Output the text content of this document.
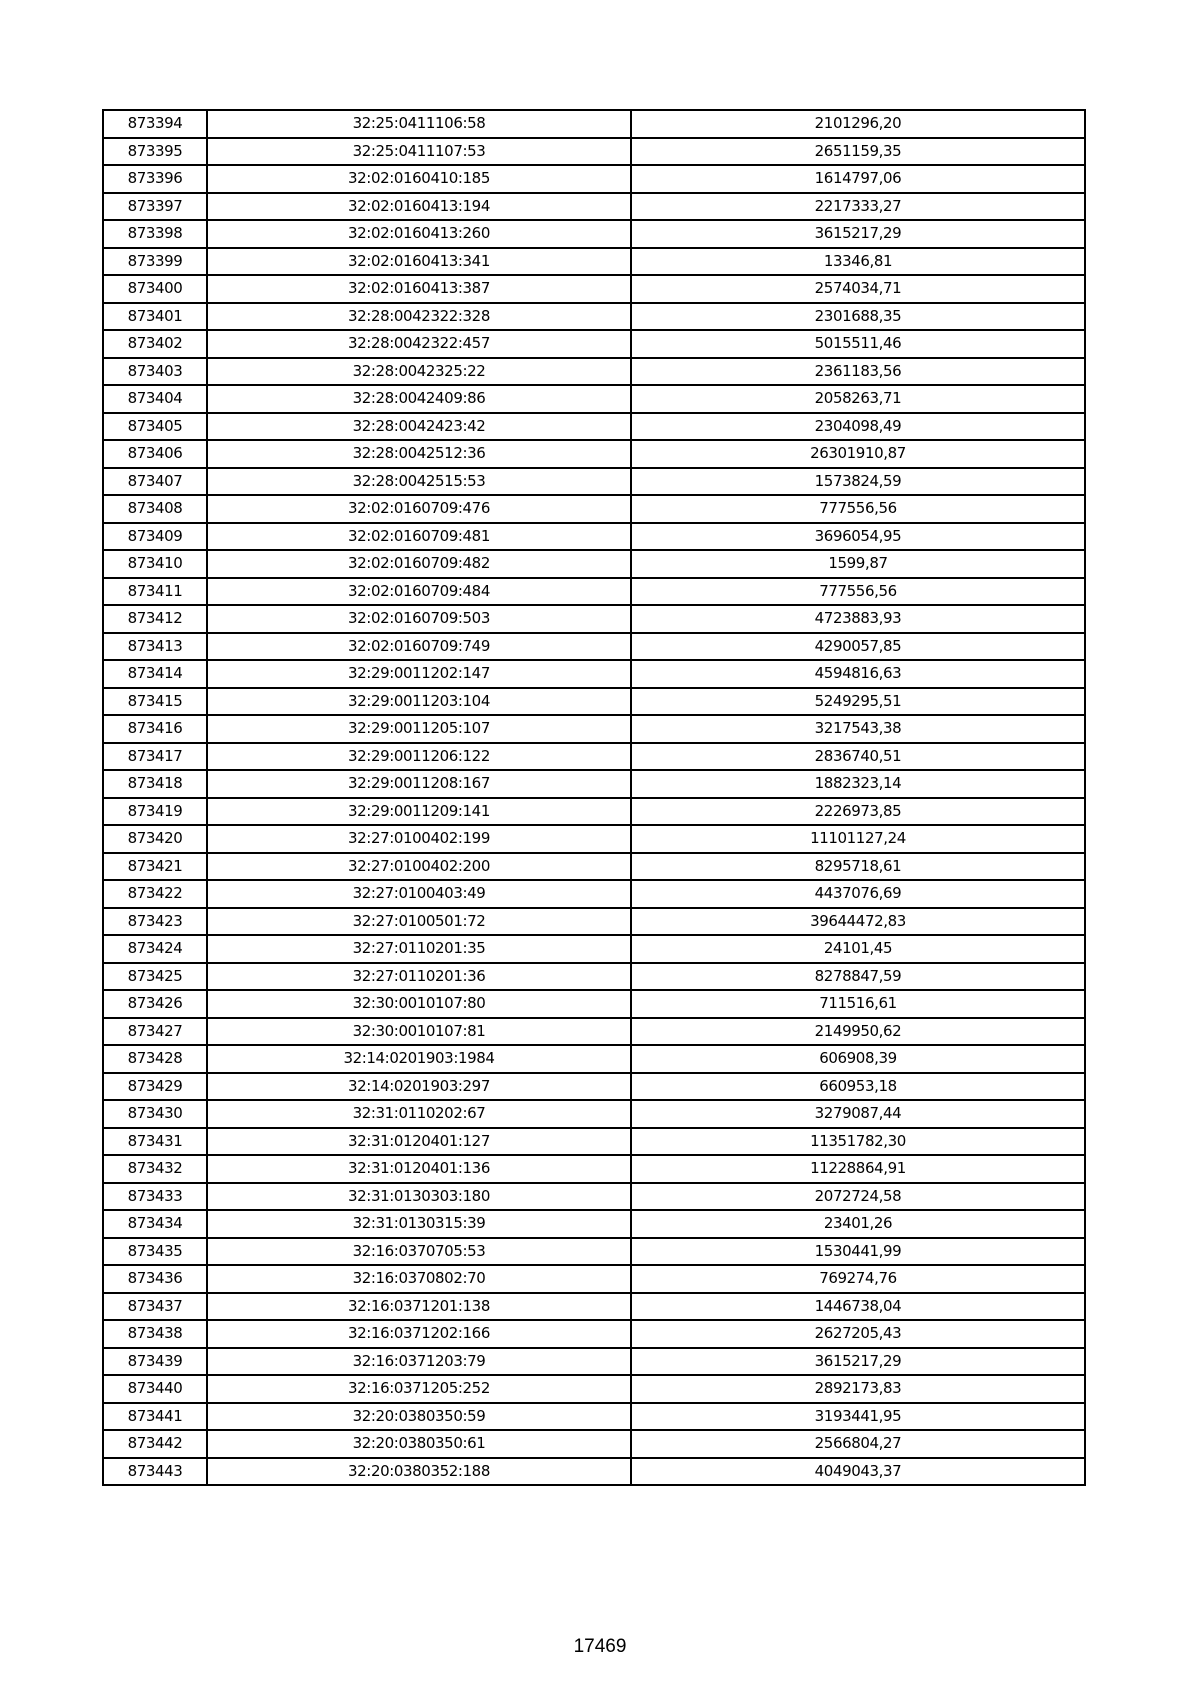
873394	32:25:0411106:58	2101296,20
873395	32:25:0411107:53	2651159,35
873396	32:02:0160410:185	1614797,06
873397	32:02:0160413:194	2217333,27
873398	32:02:0160413:260	3615217,29
873399	32:02:0160413:341	13346,81
873400	32:02:0160413:387	2574034,71
873401	32:28:0042322:328	2301688,35
873402	32:28:0042322:457	5015511,46
873403	32:28:0042325:22	2361183,56
873404	32:28:0042409:86	2058263,71
873405	32:28:0042423:42	2304098,49
873406	32:28:0042512:36	26301910,87
873407	32:28:0042515:53	1573824,59
873408	32:02:0160709:476	777556,56
873409	32:02:0160709:481	3696054,95
873410	32:02:0160709:482	1599,87
873411	32:02:0160709:484	777556,56
873412	32:02:0160709:503	4723883,93
873413	32:02:0160709:749	4290057,85
873414	32:29:0011202:147	4594816,63
873415	32:29:0011203:104	5249295,51
873416	32:29:0011205:107	3217543,38
873417	32:29:0011206:122	2836740,51
873418	32:29:0011208:167	1882323,14
873419	32:29:0011209:141	2226973,85
873420	32:27:0100402:199	11101127,24
873421	32:27:0100402:200	8295718,61
873422	32:27:0100403:49	4437076,69
873423	32:27:0100501:72	39644472,83
873424	32:27:0110201:35	24101,45
873425	32:27:0110201:36	8278847,59
873426	32:30:0010107:80	711516,61
873427	32:30:0010107:81	2149950,62
873428	32:14:0201903:1984	606908,39
873429	32:14:0201903:297	660953,18
873430	32:31:0110202:67	3279087,44
873431	32:31:0120401:127	11351782,30
873432	32:31:0120401:136	11228864,91
873433	32:31:0130303:180	2072724,58
873434	32:31:0130315:39	23401,26
873435	32:16:0370705:53	1530441,99
873436	32:16:0370802:70	769274,76
873437	32:16:0371201:138	1446738,04
873438	32:16:0371202:166	2627205,43
873439	32:16:0371203:79	3615217,29
873440	32:16:0371205:252	2892173,83
873441	32:20:0380350:59	3193441,95
873442	32:20:0380350:61	2566804,27
873443	32:20:0380352:188	4049043,37
17469
